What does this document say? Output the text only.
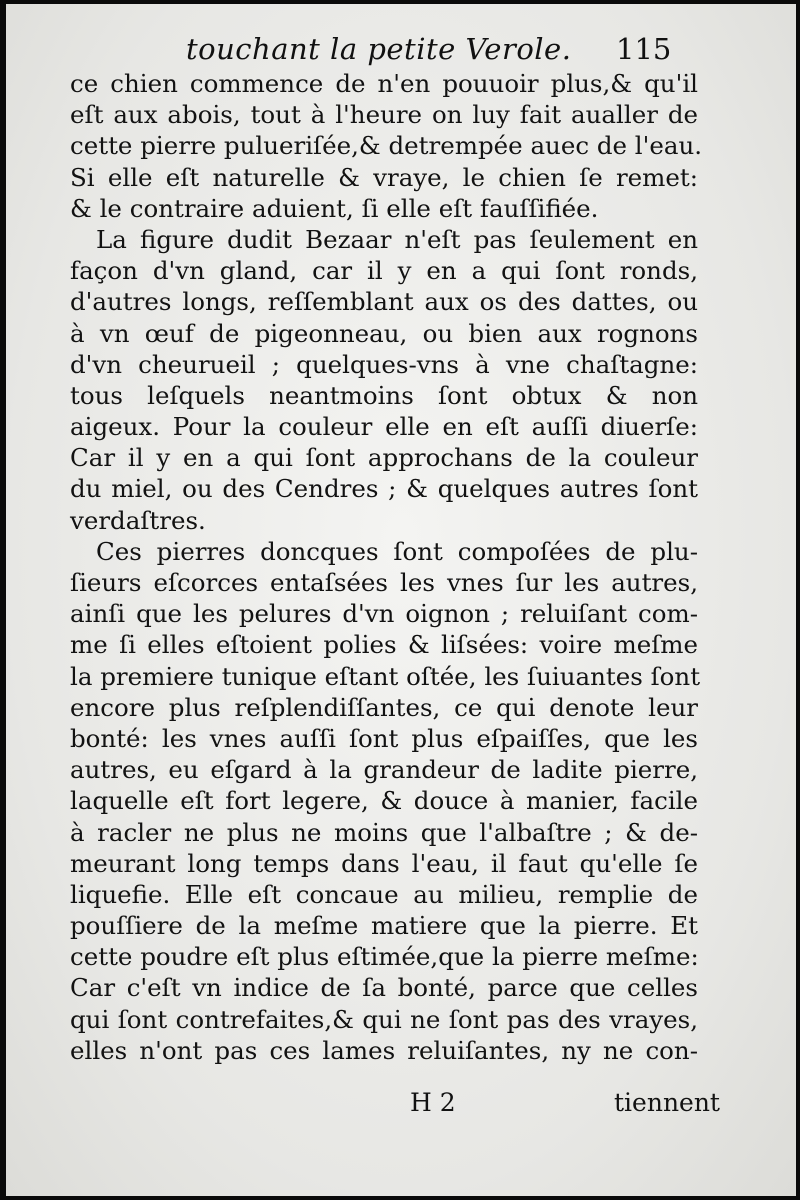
touchant la petite Verole. 115
ce chien commence de n'en pouuoir plus,& qu'il
eſt aux abois, tout à l'heure on luy fait aualler de
cette pierre pulueriſée,& detrempée auec de l'eau.
Si elle eſt naturelle & vraye, le chien ſe remet:
& le contraire aduient, ſi elle eſt fauſſifiée.
La figure dudit Bezaar n'eſt pas ſeulement en
façon d'vn gland, car il y en a qui ſont ronds,
d'autres longs, reſſemblant aux os des dattes, ou
à vn œuf de pigeonneau, ou bien aux rognons
d'vn cheurueil ; quelques-vns à vne chaſtagne:
tous leſquels neantmoins ſont obtux & non
aigeux. Pour la couleur elle en eſt auſſi diuerſe:
Car il y en a qui ſont approchans de la couleur
du miel, ou des Cendres ; & quelques autres ſont
verdaſtres.
Ces pierres doncques ſont compoſées de plu-
ſieurs eſcorces entaſsées les vnes ſur les autres,
ainſi que les pelures d'vn oignon ; reluiſant com-
me ſi elles eſtoient polies & liſsées: voire meſme
la premiere tunique eſtant oſtée, les ſuiuantes ſont
encore plus reſplendiſſantes, ce qui denote leur
bonté: les vnes auſſi ſont plus eſpaiſſes, que les
autres, eu eſgard à la grandeur de ladite pierre,
laquelle eſt fort legere, & douce à manier, facile
à racler ne plus ne moins que l'albaſtre ; & de-
meurant long temps dans l'eau, il faut qu'elle ſe
liquefie. Elle eſt concaue au milieu, remplie de
pouſſiere de la meſme matiere que la pierre. Et
cette poudre eſt plus eſtimée,que la pierre meſme:
Car c'eſt vn indice de ſa bonté, parce que celles
qui ſont contrefaites,& qui ne ſont pas des vrayes,
elles n'ont pas ces lames reluiſantes, ny ne con-
H 2	tiennent
